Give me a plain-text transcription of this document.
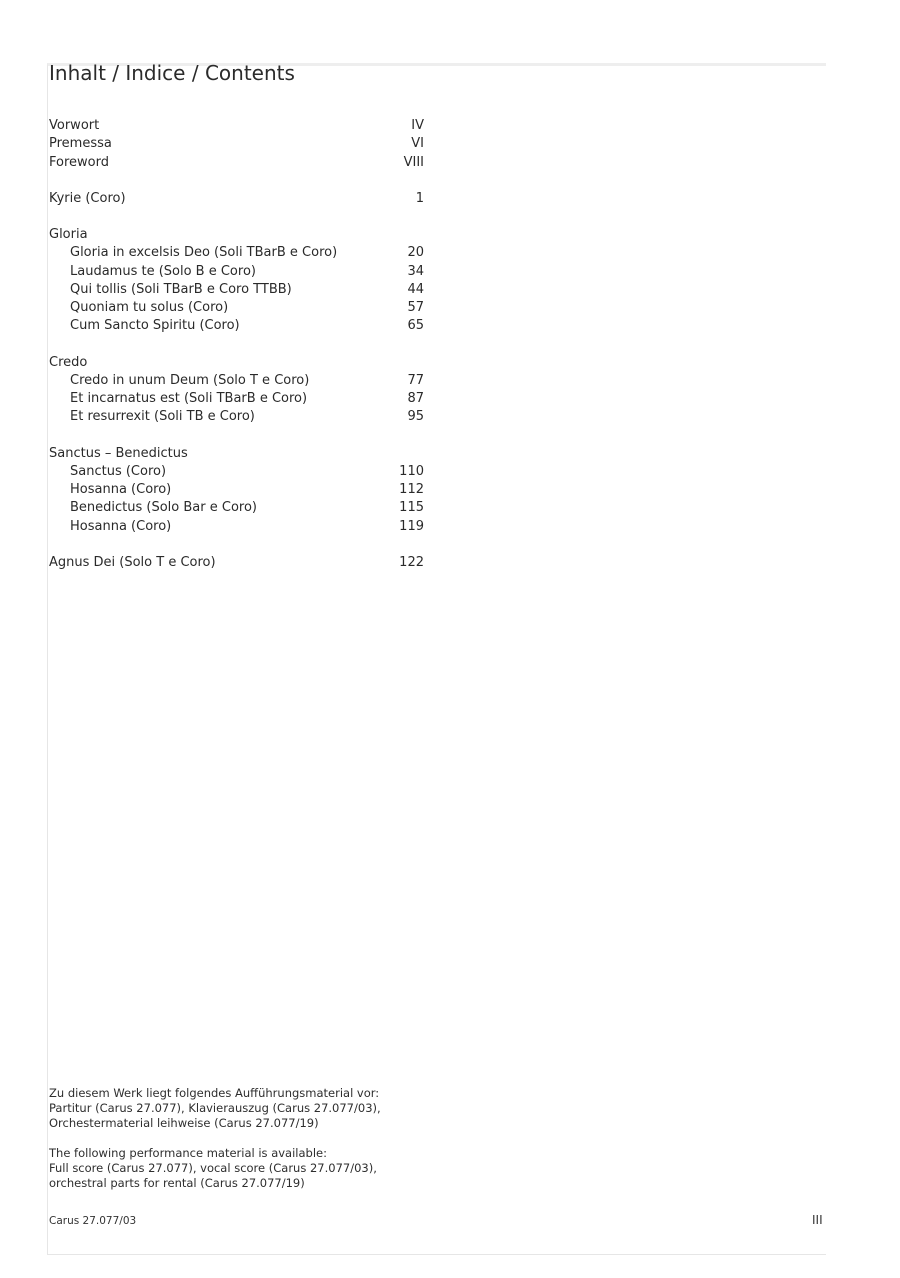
Inhalt / Indice / Contents
Vorwort	IV
Premessa	VI
Foreword	VIII
Kyrie (Coro)	1
Gloria
Gloria in excelsis Deo (Soli TBarB e Coro)	20
Laudamus te (Solo B e Coro)	34
Qui tollis (Soli TBarB e Coro TTBB)	44
Quoniam tu solus (Coro)	57
Cum Sancto Spiritu (Coro)	65
Credo
Credo in unum Deum (Solo T e Coro)	77
Et incarnatus est (Soli TBarB e Coro)	87
Et resurrexit (Soli TB e Coro)	95
Sanctus – Benedictus
Sanctus (Coro)	110
Hosanna (Coro)	112
Benedictus (Solo Bar e Coro)	115
Hosanna (Coro)	119
Agnus Dei (Solo T e Coro)	122
Zu diesem Werk liegt folgendes Aufführungsmaterial vor:
Partitur (Carus 27.077), Klavierauszug (Carus 27.077/03),
Orchestermaterial leihweise (Carus 27.077/19)
The following performance material is available:
Full score (Carus 27.077), vocal score (Carus 27.077/03),
orchestral parts for rental (Carus 27.077/19)
Carus 27.077/03	III
